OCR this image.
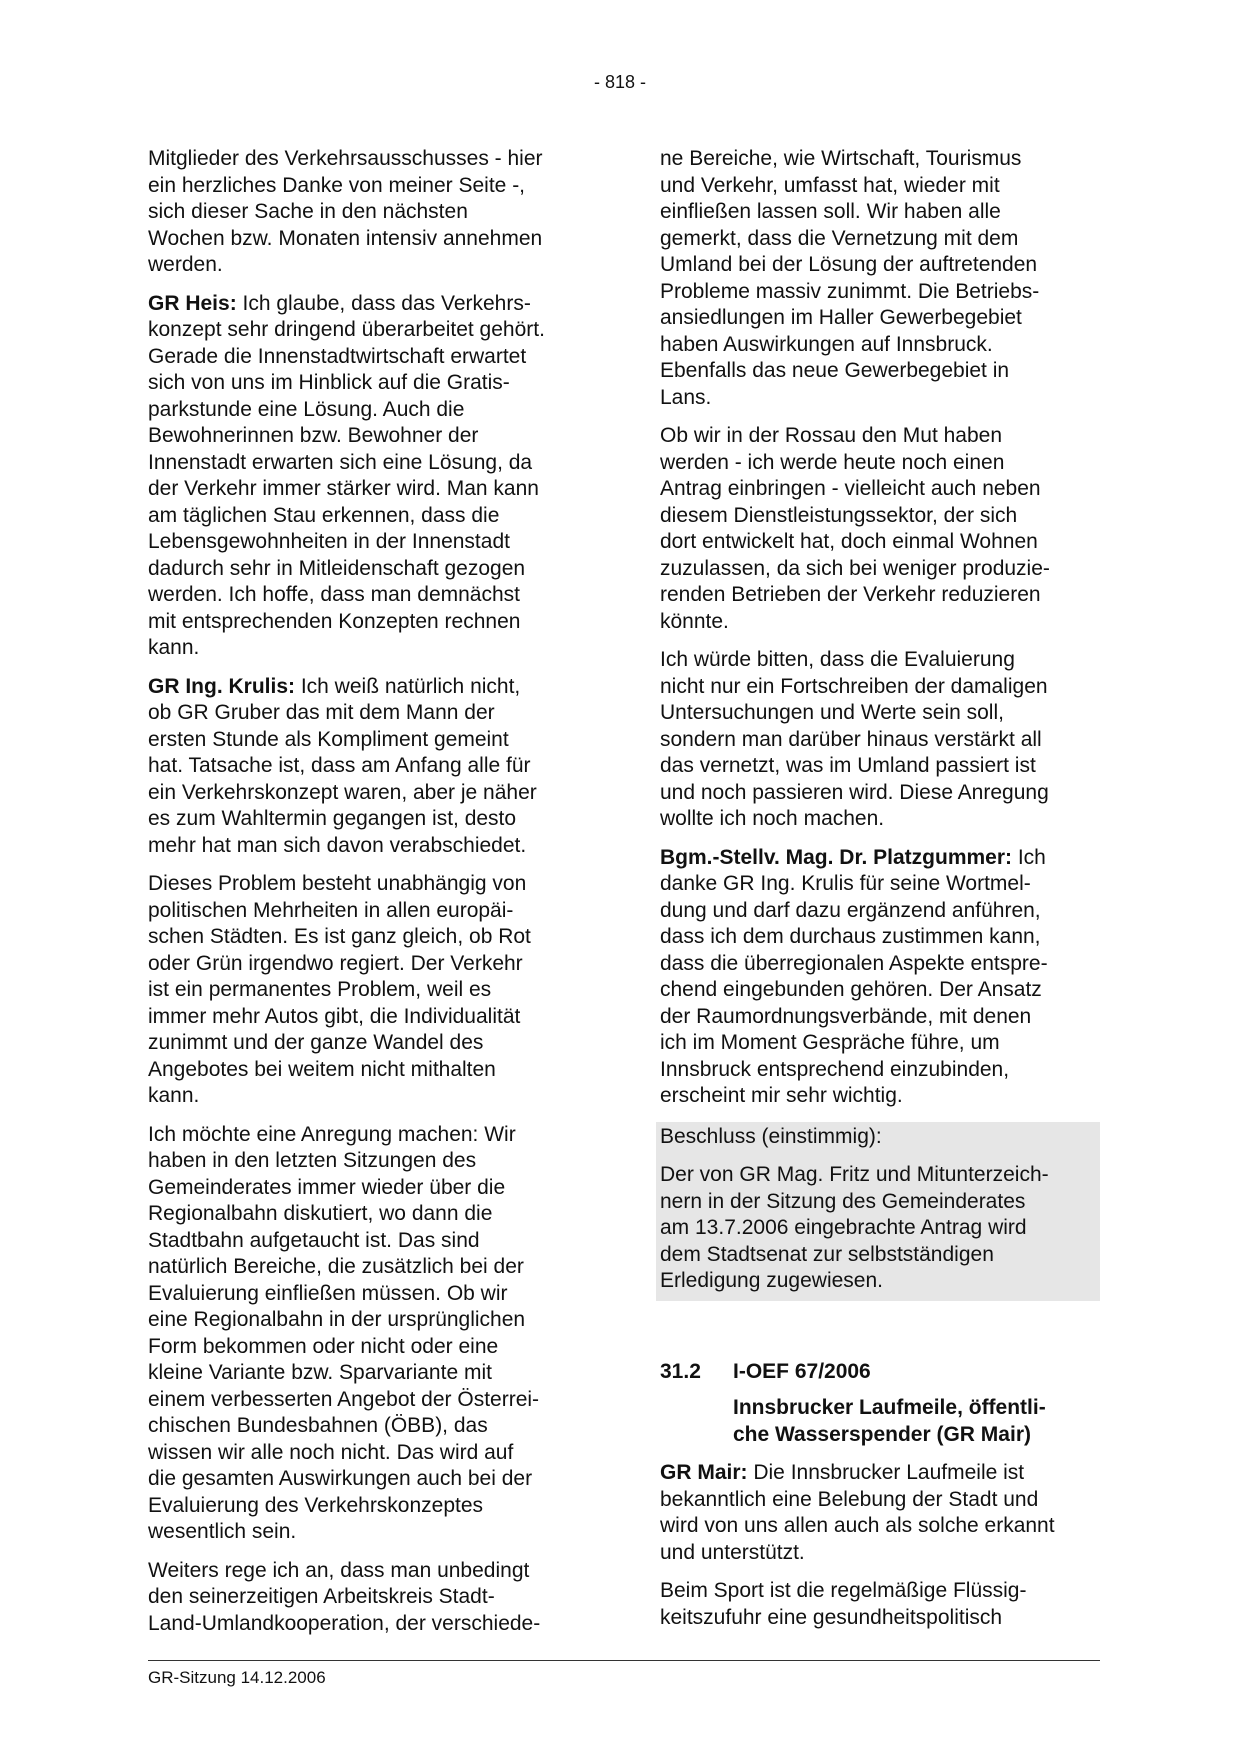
- 818 -

Mitglieder des Verkehrsausschusses - hier
ein herzliches Danke von meiner Seite -,
sich dieser Sache in den nächsten
Wochen bzw. Monaten intensiv annehmen
werden.

GR Heis: Ich glaube, dass das Verkehrs-
konzept sehr dringend überarbeitet gehört.
Gerade die Innenstadtwirtschaft erwartet
sich von uns im Hinblick auf die Gratis-
parkstunde eine Lösung. Auch die
Bewohnerinnen bzw. Bewohner der
Innenstadt erwarten sich eine Lösung, da
der Verkehr immer stärker wird. Man kann
am täglichen Stau erkennen, dass die
Lebensgewohnheiten in der Innenstadt
dadurch sehr in Mitleidenschaft gezogen
werden. Ich hoffe, dass man demnächst
mit entsprechenden Konzepten rechnen
kann.

GR Ing. Krulis: Ich weiß natürlich nicht,
ob GR Gruber das mit dem Mann der
ersten Stunde als Kompliment gemeint
hat. Tatsache ist, dass am Anfang alle für
ein Verkehrskonzept waren, aber je näher
es zum Wahltermin gegangen ist, desto
mehr hat man sich davon verabschiedet.

Dieses Problem besteht unabhängig von
politischen Mehrheiten in allen europäi-
schen Städten. Es ist ganz gleich, ob Rot
oder Grün irgendwo regiert. Der Verkehr
ist ein permanentes Problem, weil es
immer mehr Autos gibt, die Individualität
zunimmt und der ganze Wandel des
Angebotes bei weitem nicht mithalten
kann.

Ich möchte eine Anregung machen: Wir
haben in den letzten Sitzungen des
Gemeinderates immer wieder über die
Regionalbahn diskutiert, wo dann die
Stadtbahn aufgetaucht ist. Das sind
natürlich Bereiche, die zusätzlich bei der
Evaluierung einfließen müssen. Ob wir
eine Regionalbahn in der ursprünglichen
Form bekommen oder nicht oder eine
kleine Variante bzw. Sparvariante mit
einem verbesserten Angebot der Österrei-
chischen Bundesbahnen (ÖBB), das
wissen wir alle noch nicht. Das wird auf
die gesamten Auswirkungen auch bei der
Evaluierung des Verkehrskonzeptes
wesentlich sein.

Weiters rege ich an, dass man unbedingt
den seinerzeitigen Arbeitskreis Stadt-
Land-Umlandkooperation, der verschiede-

ne Bereiche, wie Wirtschaft, Tourismus
und Verkehr, umfasst hat, wieder mit
einfließen lassen soll. Wir haben alle
gemerkt, dass die Vernetzung mit dem
Umland bei der Lösung der auftretenden
Probleme massiv zunimmt. Die Betriebs-
ansiedlungen im Haller Gewerbegebiet
haben Auswirkungen auf Innsbruck.
Ebenfalls das neue Gewerbegebiet in
Lans.

Ob wir in der Rossau den Mut haben
werden - ich werde heute noch einen
Antrag einbringen - vielleicht auch neben
diesem Dienstleistungssektor, der sich
dort entwickelt hat, doch einmal Wohnen
zuzulassen, da sich bei weniger produzie-
renden Betrieben der Verkehr reduzieren
könnte.

Ich würde bitten, dass die Evaluierung
nicht nur ein Fortschreiben der damaligen
Untersuchungen und Werte sein soll,
sondern man darüber hinaus verstärkt all
das vernetzt, was im Umland passiert ist
und noch passieren wird. Diese Anregung
wollte ich noch machen.

Bgm.-Stellv. Mag. Dr. Platzgummer: Ich
danke GR Ing. Krulis für seine Wortmel-
dung und darf dazu ergänzend anführen,
dass ich dem durchaus zustimmen kann,
dass die überregionalen Aspekte entspre-
chend eingebunden gehören. Der Ansatz
der Raumordnungsverbände, mit denen
ich im Moment Gespräche führe, um
Innsbruck entsprechend einzubinden,
erscheint mir sehr wichtig.

Beschluss (einstimmig):

Der von GR Mag. Fritz und Mitunterzeich-
nern in der Sitzung des Gemeinderates
am 13.7.2006 eingebrachte Antrag wird
dem Stadtsenat zur selbstständigen
Erledigung zugewiesen.

31.2	I-OEF 67/2006
Innsbrucker Laufmeile, öffentli-
che Wasserspender (GR Mair)

GR Mair: Die Innsbrucker Laufmeile ist
bekanntlich eine Belebung der Stadt und
wird von uns allen auch als solche erkannt
und unterstützt.

Beim Sport ist die regelmäßige Flüssig-
keitszufuhr eine gesundheitspolitisch

GR-Sitzung 14.12.2006
